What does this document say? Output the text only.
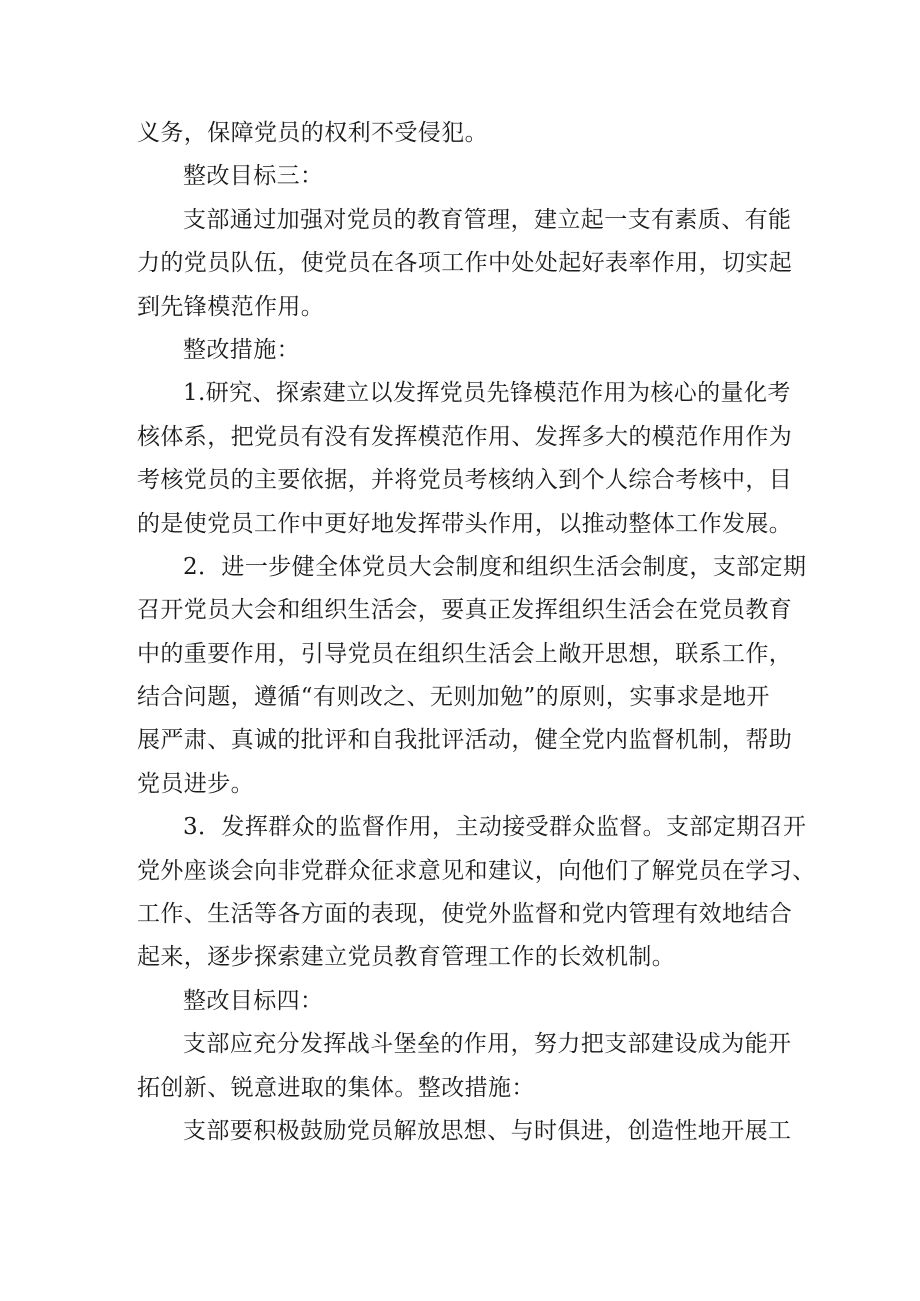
义务，保障党员的权利不受侵犯。
整改目标三：
支部通过加强对党员的教育管理，建立起一支有素质、有能
力的党员队伍，使党员在各项工作中处处起好表率作用，切实起
到先锋模范作用。
整改措施：
1.研究、探索建立以发挥党员先锋模范作用为核心的量化考
核体系，把党员有没有发挥模范作用、发挥多大的模范作用作为
考核党员的主要依据，并将党员考核纳入到个人综合考核中，目
的是使党员工作中更好地发挥带头作用，以推动整体工作发展。
2．进一步健全体党员大会制度和组织生活会制度，支部定期
召开党员大会和组织生活会，要真正发挥组织生活会在党员教育
中的重要作用，引导党员在组织生活会上敞开思想，联系工作，
结合问题，遵循“有则改之、无则加勉”的原则，实事求是地开
展严肃、真诚的批评和自我批评活动，健全党内监督机制，帮助
党员进步。
3．发挥群众的监督作用，主动接受群众监督。支部定期召开
党外座谈会向非党群众征求意见和建议，向他们了解党员在学习、
工作、生活等各方面的表现，使党外监督和党内管理有效地结合
起来，逐步探索建立党员教育管理工作的长效机制。
整改目标四：
支部应充分发挥战斗堡垒的作用，努力把支部建设成为能开
拓创新、锐意进取的集体。整改措施：
支部要积极鼓励党员解放思想、与时俱进，创造性地开展工
